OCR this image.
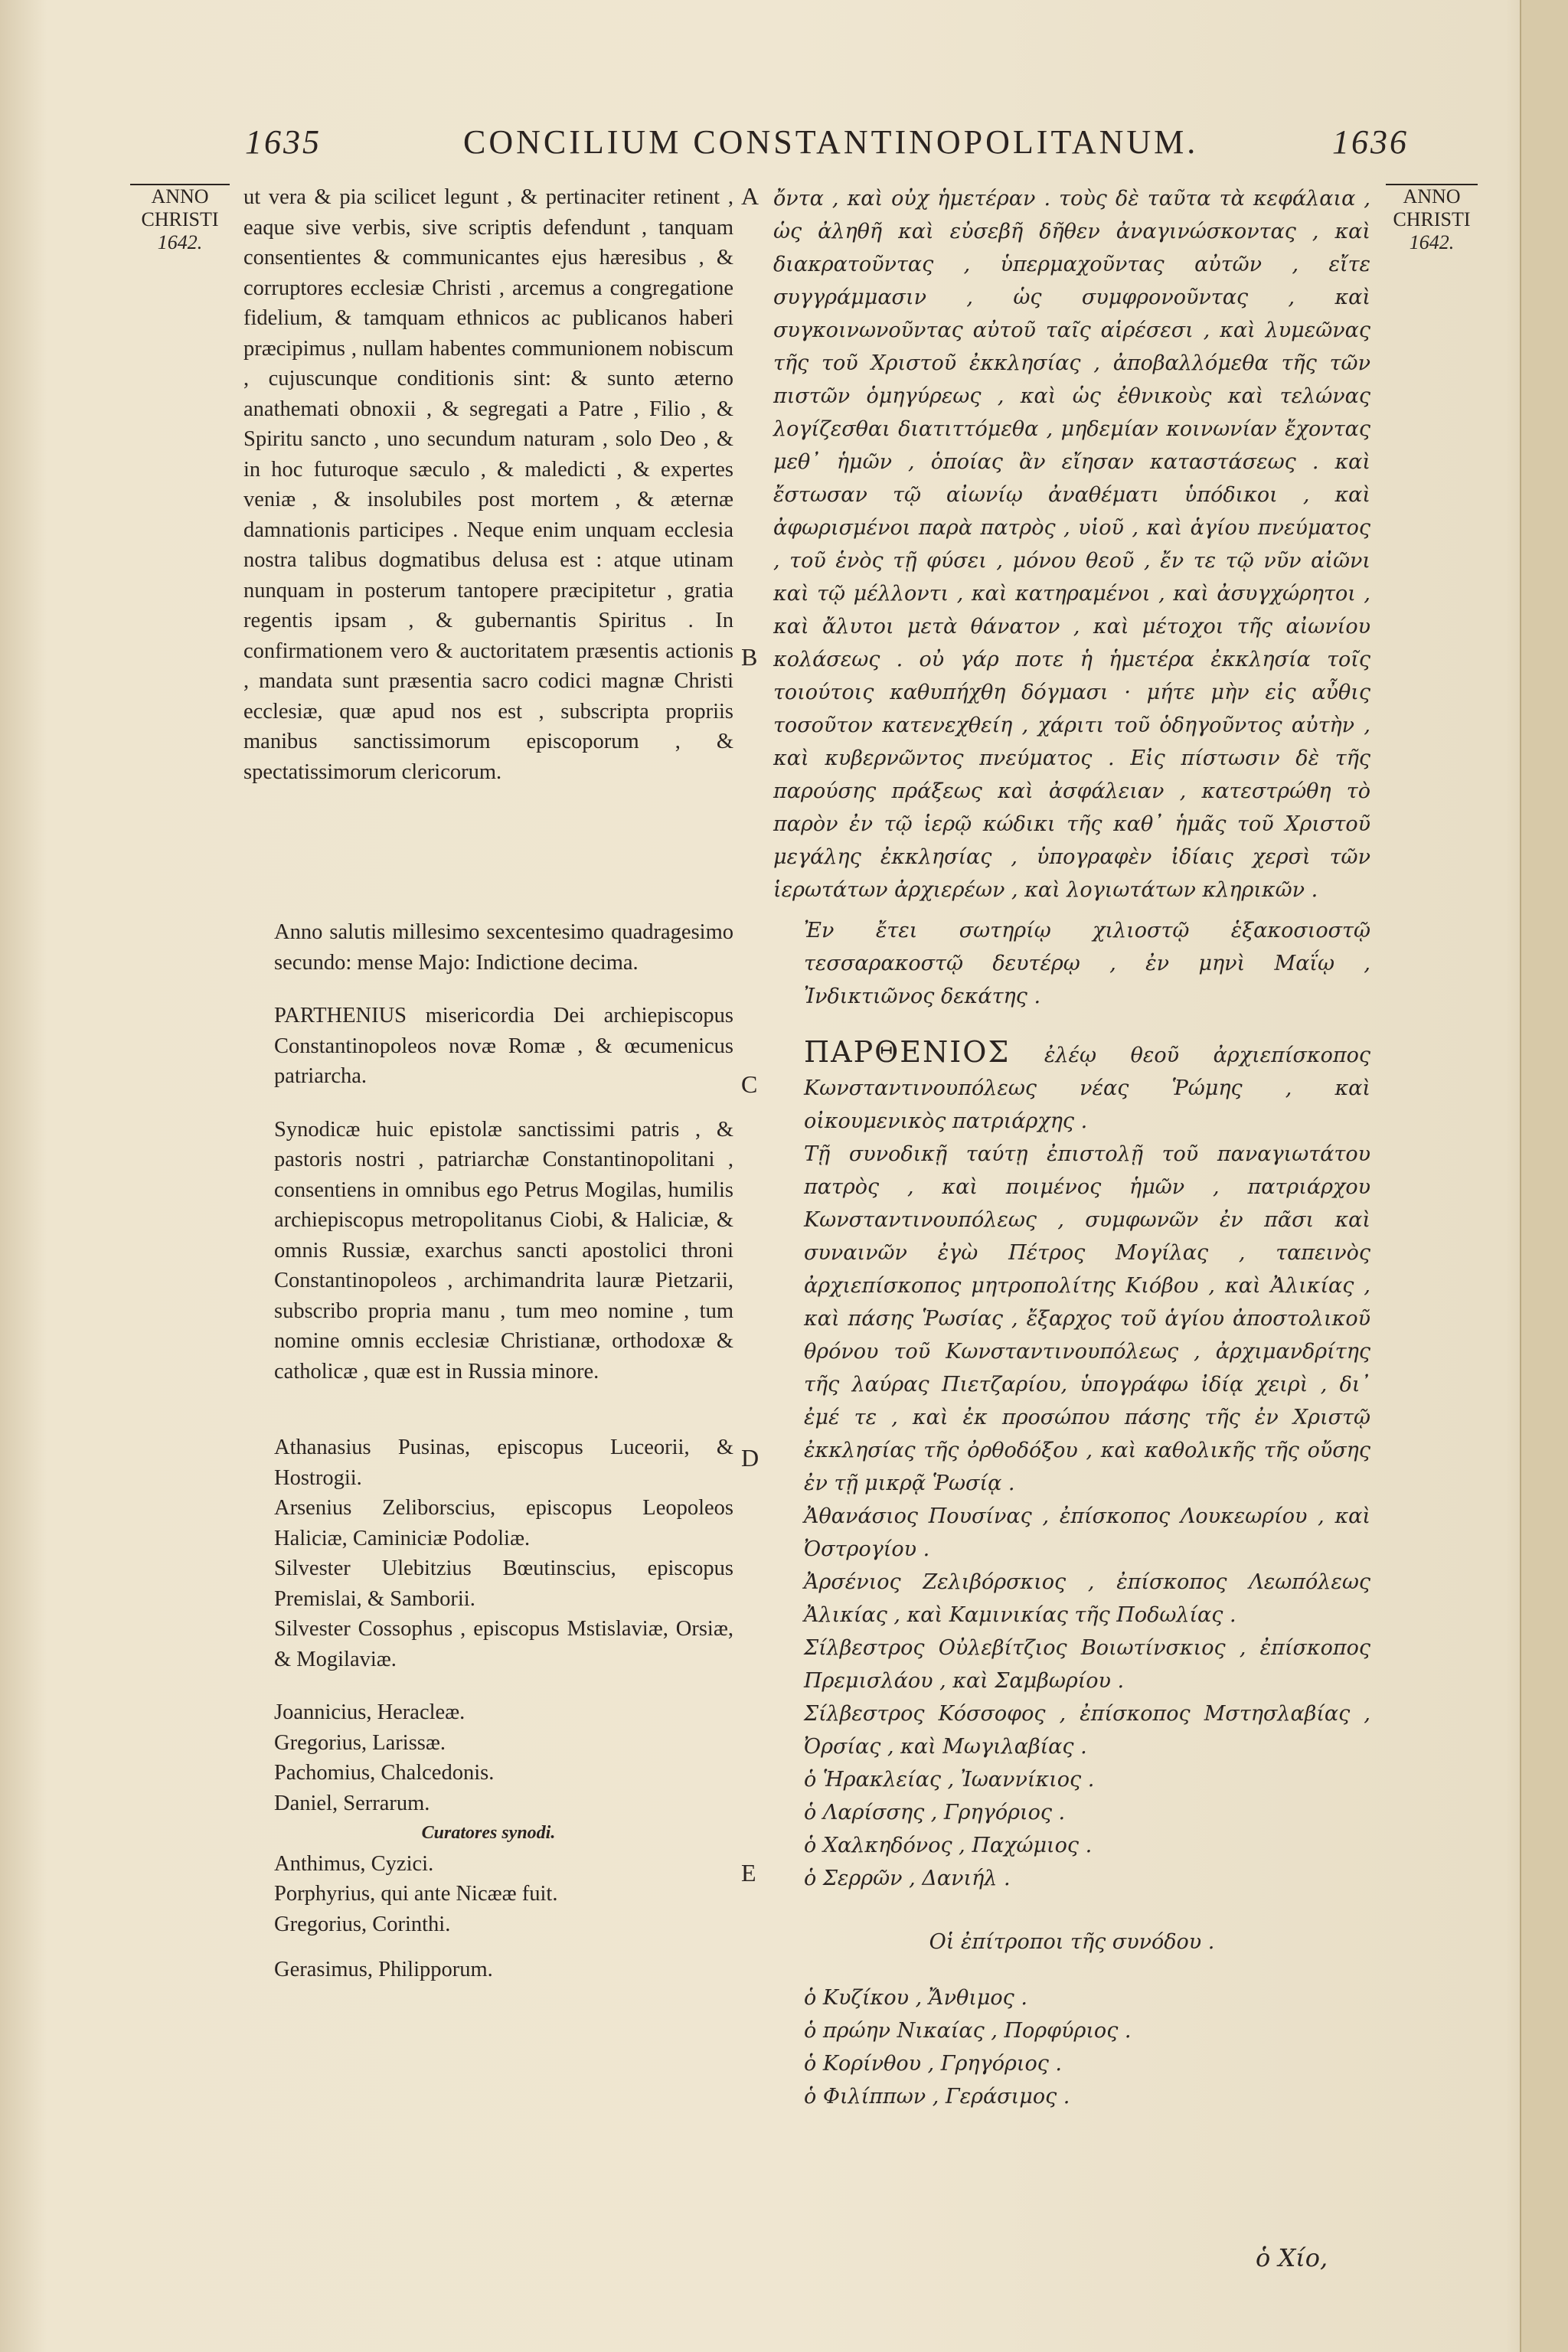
1635	CONCILIUM CONSTANTINOPOLITANUM.	1636
ANNO
CHRISTI
1642.
ANNO
CHRISTI
1642.
A
B
C
D
E

ut vera & pia scilicet legunt , & pertinaciter retinent , eaque sive verbis, sive scriptis defendunt , tanquam consentientes & communicantes ejus hæresibus , & corruptores ecclesiæ Christi , arcemus a congregatione fidelium, & tamquam ethnicos ac publicanos haberi præcipimus , nullam habentes communionem nobiscum , cujuscunque conditionis sint: & sunto æterno anathemati obnoxii , & segregati a Patre , Filio , & Spiritu sancto , uno secundum naturam , solo Deo , & in hoc futuroque sæculo , & maledicti , & expertes veniæ , & insolubiles post mortem , & æternæ damnationis participes . Neque enim unquam ecclesia nostra talibus dogmatibus delusa est : atque utinam nunquam in posterum tantopere præcipitetur , gratia regentis ipsam , & gubernantis Spiritus . In confirmationem vero & auctoritatem præsentis actionis , mandata sunt præsentia sacro codici magnæ Christi ecclesiæ, quæ apud nos est , subscripta propriis manibus sanctissimorum episcoporum , & spectatissimorum clericorum.

Anno salutis millesimo sexcentesimo quadragesimo secundo: mense Majo: Indictione decima.

PARTHENIUS misericordia Dei archiepiscopus Constantinopoleos novæ Romæ , & œcumenicus patriarcha.

Synodicæ huic epistolæ sanctissimi patris , & pastoris nostri , patriarchæ Constantinopolitani , consentiens in omnibus ego Petrus Mogilas, humilis archiepiscopus metropolitanus Ciobi, & Haliciæ, & omnis Russiæ, exarchus sancti apostolici throni Constantinopoleos , archimandrita lauræ Pietzarii, subscribo propria manu , tum meo nomine , tum nomine omnis ecclesiæ Christianæ, orthodoxæ & catholicæ , quæ est in Russia minore.

Athanasius Pusinas, episcopus Luceorii, & Hostrogii.
Arsenius Zeliborscius, episcopus Leopoleos Haliciæ, Caminiciæ Podoliæ.
Silvester Ulebitzius Bœutinscius, episcopus Premislai, & Samborii.
Silvester Cossophus , episcopus Mstislaviæ, Orsiæ, & Mogilaviæ.
Joannicius, Heracleæ.
Gregorius, Larissæ.
Pachomius, Chalcedonis.
Daniel, Serrarum.

Curatores synodi.

Anthimus, Cyzici.
Porphyrius, qui ante Nicææ fuit.
Gregorius, Corinthi.
Gerasimus, Philipporum.

ὄντα , καὶ οὐχ ἡμετέραν . τοὺς δὲ ταῦτα τὰ κεφάλαια , ὡς ἀληθῆ καὶ εὐσεβῆ δῆθεν ἀναγινώσκοντας , καὶ διακρατοῦντας , ὑπερμαχοῦντας αὐτῶν , εἴτε συγγράμμασιν , ὡς συμφρονοῦντας , καὶ συγκοινωνοῦντας αὐτοῦ ταῖς αἱρέσεσι , καὶ λυμεῶνας τῆς τοῦ Χριστοῦ ἐκκλησίας , ἀποβαλλόμεθα τῆς τῶν πιστῶν ὁμηγύρεως , καὶ ὡς ἐθνικοὺς καὶ τελώνας λογίζεσθαι διατιττόμεθα , μηδεμίαν κοινωνίαν ἔχοντας μεθ᾽ ἡμῶν , ὁποίας ἂν εἴησαν καταστάσεως . καὶ ἔστωσαν τῷ αἰωνίῳ ἀναθέματι ὑπόδικοι , καὶ ἀφωρισμένοι παρὰ πατρὸς , υἱοῦ , καὶ ἁγίου πνεύματος , τοῦ ἑνὸς τῇ φύσει , μόνου θεοῦ , ἔν τε τῷ νῦν αἰῶνι καὶ τῷ μέλλοντι , καὶ κατηραμένοι , καὶ ἀσυγχώρητοι , καὶ ἄλυτοι μετὰ θάνατον , καὶ μέτοχοι τῆς αἰωνίου κολάσεως . οὐ γάρ ποτε ἡ ἡμετέρα ἐκκλησία τοῖς τοιούτοις καθυπήχθη δόγμασι · μήτε μὴν εἰς αὖθις τοσοῦτον κατενεχθείη , χάριτι τοῦ ὁδηγοῦντος αὐτὴν , καὶ κυβερνῶντος πνεύματος . Εἰς πίστωσιν δὲ τῆς παρούσης πράξεως καὶ ἀσφάλειαν , κατεστρώθη τὸ παρὸν ἐν τῷ ἱερῷ κώδικι τῆς καθ᾽ ἡμᾶς τοῦ Χριστοῦ μεγάλης ἐκκλησίας , ὑπογραφὲν ἰδίαις χερσὶ τῶν ἱερωτάτων ἀρχιερέων , καὶ λογιωτάτων κληρικῶν .

Ἐν ἔτει σωτηρίῳ χιλιοστῷ ἑξακοσιοστῷ τεσσαρακοστῷ δευτέρῳ , ἐν μηνὶ Μαΐῳ , Ἰνδικτιῶνος δεκάτης .

ΠΑΡΘΕΝΙΟΣ ἐλέῳ θεοῦ ἀρχιεπίσκοπος Κωνσταντινουπόλεως νέας Ῥώμης , καὶ οἰκουμενικὸς πατριάρχης .

Τῇ συνοδικῇ ταύτῃ ἐπιστολῇ τοῦ παναγιωτάτου πατρὸς , καὶ ποιμένος ἡμῶν , πατριάρχου Κωνσταντινουπόλεως , συμφωνῶν ἐν πᾶσι καὶ συναινῶν ἐγὼ Πέτρος Μογίλας , ταπεινὸς ἀρχιεπίσκοπος μητροπολίτης Κιόβου , καὶ Ἀλικίας , καὶ πάσης Ῥωσίας , ἔξαρχος τοῦ ἁγίου ἀποστολικοῦ θρόνου τοῦ Κωνσταντινουπόλεως , ἀρχιμανδρίτης τῆς λαύρας Πιετζαρίου, ὑπογράφω ἰδίᾳ χειρὶ , δι᾽ ἐμέ τε , καὶ ἐκ προσώπου πάσης τῆς ἐν Χριστῷ ἐκκλησίας τῆς ὀρθοδόξου , καὶ καθολικῆς τῆς οὔσης ἐν τῇ μικρᾷ Ῥωσίᾳ .

Ἀθανάσιος Πουσίνας , ἐπίσκοπος Λουκεωρίου , καὶ Ὀστρογίου .
Ἀρσένιος Ζελιβόρσκιος , ἐπίσκοπος Λεωπόλεως Ἀλικίας , καὶ Καμινικίας τῆς Ποδωλίας .
Σίλβεστρος Οὐλεβίτζιος Βοιωτίνσκιος , ἐπίσκοπος Πρεμισλάου , καὶ Σαμβωρίου .
Σίλβεστρος Κόσσοφος , ἐπίσκοπος Μστησλαβίας , Ὀρσίας , καὶ Μωγιλαβίας .
ὁ Ἡρακλείας , Ἰωαννίκιος .
ὁ Λαρίσσης , Γρηγόριος .
ὁ Χαλκηδόνος , Παχώμιος .
ὁ Σερρῶν , Δανιήλ .

Οἱ ἐπίτροποι τῆς συνόδου .

ὁ Κυζίκου , Ἄνθιμος .
ὁ πρώην Νικαίας , Πορφύριος .
ὁ Κορίνθου , Γρηγόριος .
ὁ Φιλίππων , Γεράσιμος .
ὁ Χίο,
